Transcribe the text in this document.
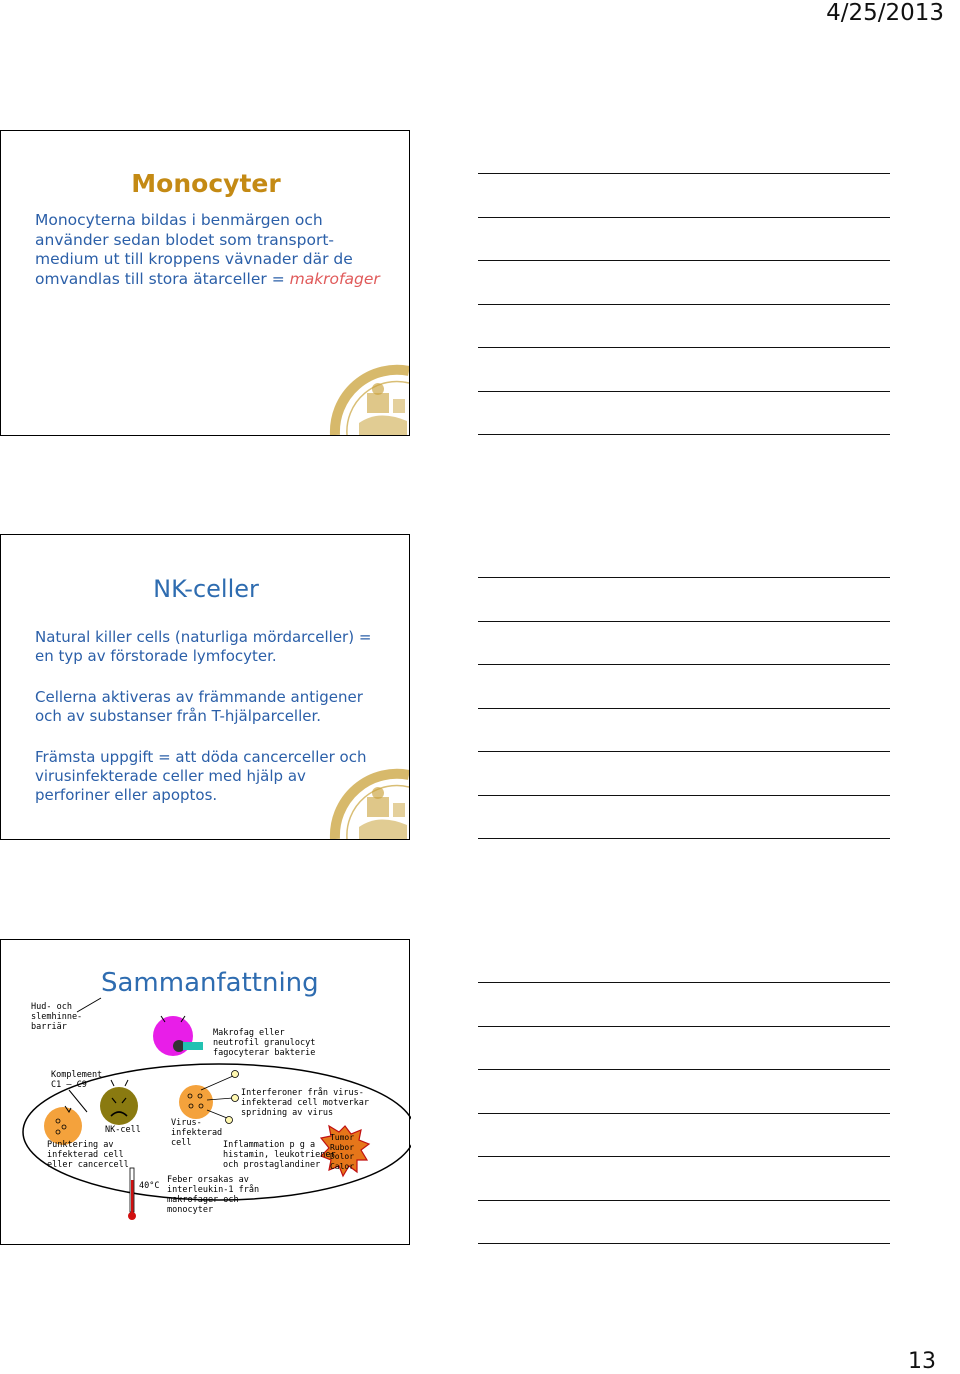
4/25/2013
Monocyter
Monocyterna bildas i benmärgen och
använder sedan blodet som transport-
medium ut till kroppens vävnader där de
omvandlas till stora ätarceller = makrofager
NK-celler
Natural killer cells (naturliga mördarceller) =
en typ av förstorade lymfocyter.
Cellerna aktiveras av främmande antigener
och av substanser från T-hjälparceller.
Främsta uppgift = att döda cancerceller och
virusinfekterade celler med hjälp av
perforiner eller apoptos.
Sammanfattning
Hud- och
slemhinne-
barriär
Makrofag eller
neutrofil granulocyt
fagocyterar bakterie
Komplement
C1 – C9
Punktering av
infekterad cell
eller cancercell
NK-cell
Virus-
infekterad
cell
Interferoner från virus-
infekterad cell motverkar
spridning av virus
Inflammation p g a
histamin, leukotriener
och prostaglandiner
Tumor
Rubor
Dolor
Calor
40°C
Feber orsakas av
interleukin-1 från
makrofager och
monocyter
13
